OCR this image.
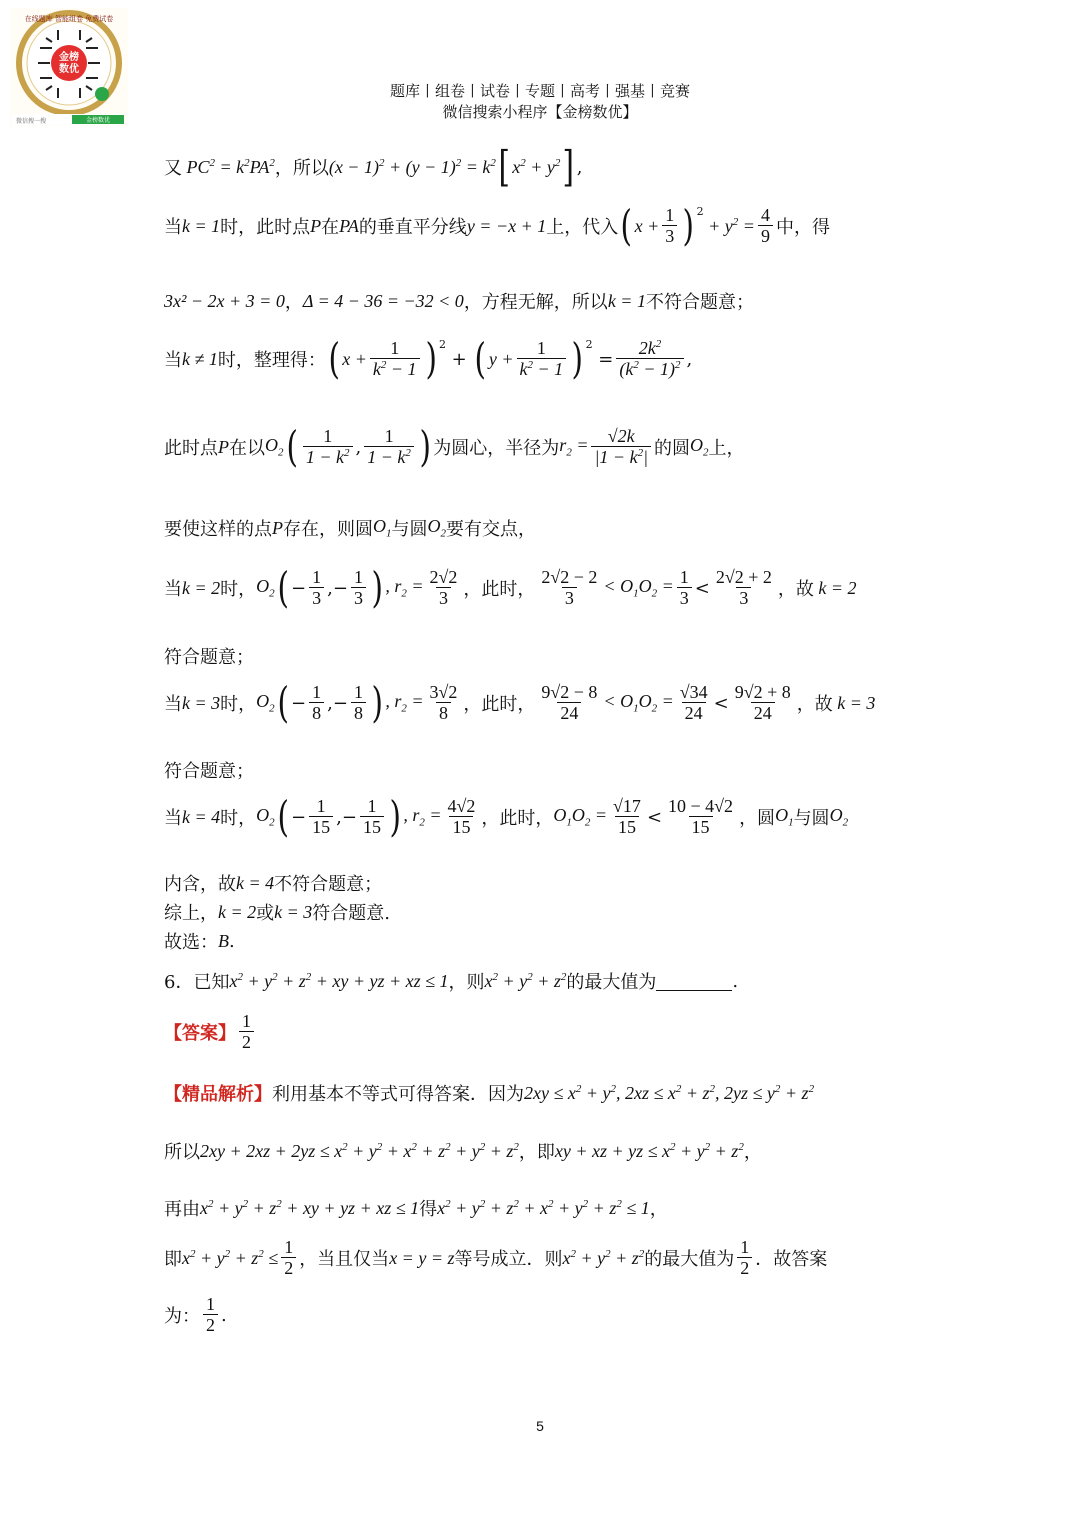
金榜
数优
在线题库 智能组卷 免费试卷
微信搜一搜	金榜数优
题库丨组卷丨试卷丨专题丨高考丨强基丨竞赛
微信搜索小程序【金榜数优】
又 $PC^2 = k^2PA^2$ ，所以 $(x - 1)^2 + (y - 1)^2 = k^2$ [ $x^2 + y^2$ ] ,
当 k = 1 时，此时点 P 在 PA 的垂直平分线 y = −x + 1 上，代入 ( $x + \frac{1}{3} )^2$
+ $y^2 = \frac{4}{9}$ 中，得
3x² − 2x + 3 = 0 ， Δ = 4 − 36 = −32 < 0 ，方程无解，所以 k = 1 不符合题意；
当 k ≠ 1 时，整理得： ( $x + \frac{1}{k^2 - 1} )^2$
+ ( $y + \frac{1}{k^2 - 1} )^2$
= $\frac{2k^2}{(k^2 - 1)^2}$ ,
此时点 P 在以 $O_2$ ( $\frac{1}{1 - k^2}$ , $\frac{1}{1 - k^2}$ ) 为圆心，半径为 $r_2 = \frac{√2k}{|1 - k^2|}$ 的圆 $O_2$ 上，
要使这样的点 P 存在，则圆 $O_1$ 与圆 $O_2$ 要有交点，
当 k = 2 时， $O_2$ ( − $\frac{1}{3}$ ,− $\frac{1}{3}$ ) , $r_2 = \frac{2√2}{3}$ ，此时， $\frac{2√2 - 2}{3} < O_1O_2 = \frac{1}{3} < \frac{2√2 + 2}{3}$ ，故 k = 2
符合题意；
当 k = 3 时， $O_2$ ( − $\frac{1}{8}$ ,− $\frac{1}{8}$ ) , $r_2 = \frac{3√2}{8}$ ，此时， $\frac{9√2 - 8}{24} < O_1O_2 = \frac{√34}{24} < \frac{9√2 + 8}{24}$ ，故 k = 3
符合题意；
当 k = 4 时， $O_2$ ( − $\frac{1}{15}$ ,− $\frac{1}{15}$ ) , $r_2 = \frac{4√2}{15}$ ，此时， $O_1O_2 = \frac{√17}{15} < \frac{10 - 4√2}{15}$ ，圆 $O_1$ 与圆 $O_2$
内含，故 k = 4 不符合题意；
综上， k = 2 或 k = 3 符合题意.
故选： B .
6．已知 $x^2 + y^2 + z^2$ + xy + yz + xz ≤ 1 ，则 $x^2 + y^2 + z^2$ 的最大值为	.
【答案】 $\frac{1}{2}$
【精品解析】 利用基本不等式可得答案．因为 $2xy \le x^2 + y^2$, $2xz \le x^2 + z^2$, $2yz \le y^2 + z^2$
所以 $2xy + 2xz + 2yz \le x^2 + y^2 + x^2 + z^2 + y^2 + z^2$ ，即 xy + xz + yz ≤ $x^2 + y^2 + z^2$ ，
再由 $x^2 + y^2 + z^2$ + xy + yz + xz ≤ 1 得 $x^2 + y^2 + z^2 + x^2 + y^2 + z^2 \le 1$ ，
即 $x^2 + y^2 + z^2 \le \frac{1}{2}$ ，当且仅当 x = y = z 等号成立．则 $x^2 + y^2 + z^2$ 的最大值为 $\frac{1}{2}$ ．故答案
为： $\frac{1}{2}$ .
5
